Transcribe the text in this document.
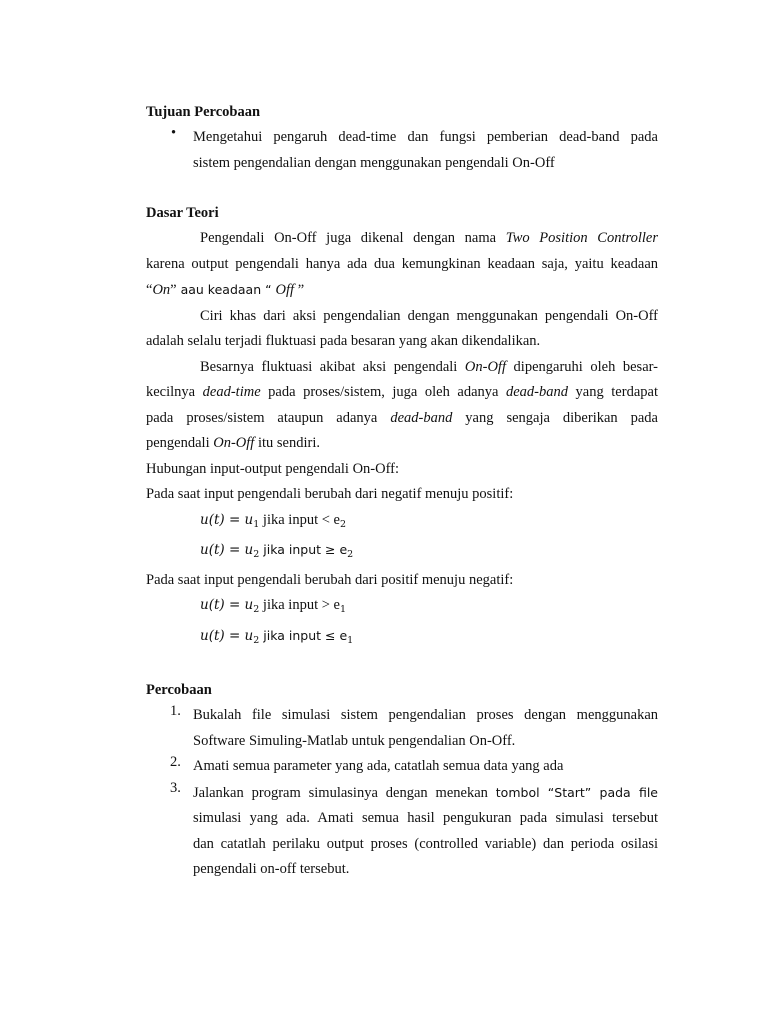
Tujuan Percobaan

• Mengetahui pengaruh dead-time dan fungsi pemberian dead-band pada

sistem pengendalian dengan menggunakan pengendali On-Off

Dasar Teori

Pengendali On-Off juga dikenal dengan nama Two Position Controller

karena output pengendali hanya ada dua kemungkinan keadaan saja, yaitu keadaan

“On” aau keadaan “ Off ”

Ciri khas dari aksi pengendalian dengan menggunakan pengendali On-Off

adalah selalu terjadi fluktuasi pada besaran yang akan dikendalikan.

Besarnya fluktuasi akibat aksi pengendali On-Off dipengaruhi oleh besar-

kecilnya dead-time pada proses/sistem, juga oleh adanya dead-band yang terdapat

pada proses/sistem ataupun adanya dead-band yang sengaja diberikan pada

pengendali On-Off itu sendiri.

Hubungan input-output pengendali On-Off:

Pada saat input pengendali berubah dari negatif menuju positif:

$u(t) = u_1$ jika input < $e_2$
$u(t) = u_2$ jika input ≥ $e_2$

Pada saat input pengendali berubah dari positif menuju negatif:

$u(t) = u_2$ jika input > $e_1$
$u(t) = u_2$ jika input ≤ $e_1$

Percobaan

1. Bukalah file simulasi sistem pengendalian proses dengan menggunakan

Software Simuling-Matlab untuk pengendalian On-Off.

2. Amati semua parameter yang ada, catatlah semua data yang ada

3. Jalankan program simulasinya dengan menekan tombol “Start” pada file

simulasi yang ada. Amati semua hasil pengukuran pada simulasi tersebut

dan catatlah perilaku output proses (controlled variable) dan perioda osilasi

pengendali on-off tersebut.
